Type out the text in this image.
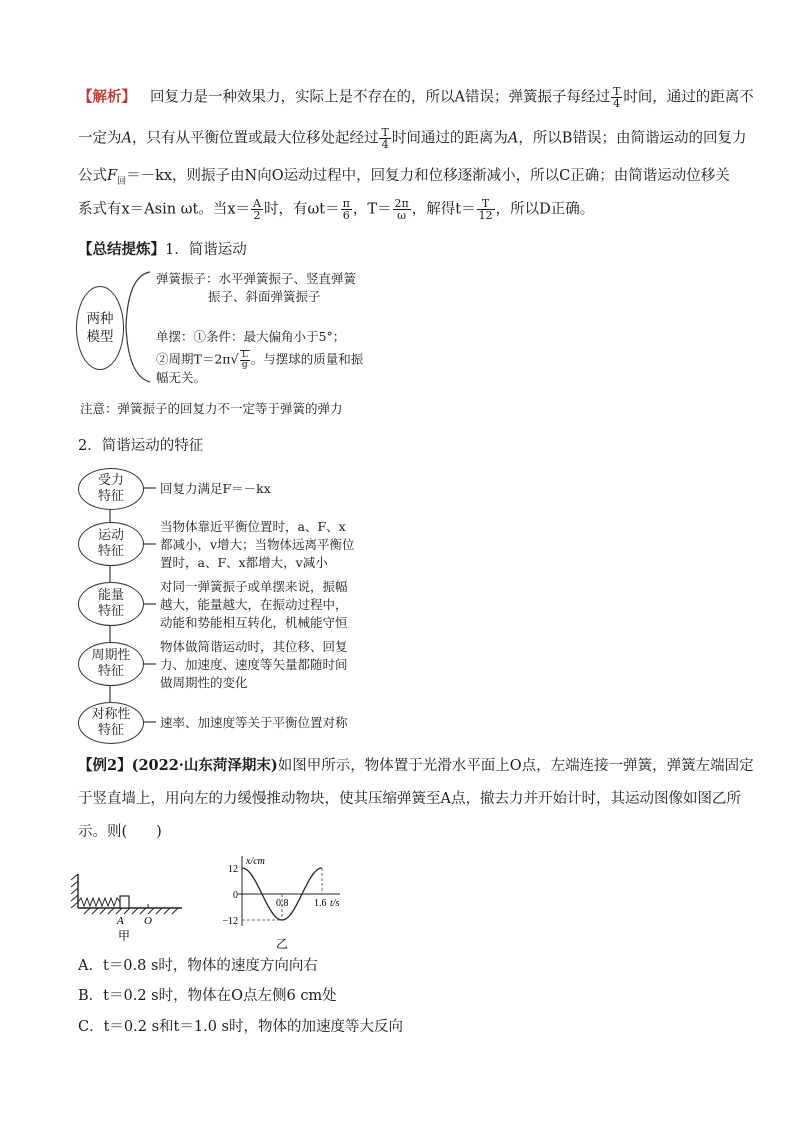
【解析】 回复力是一种效果力，实际上是不存在的，所以A错误；弹簧振子每经过 $\frac{T}{4}$ 时间，通过的距离不
一定为A，只有从平衡位置或最大位移处起经过 $\frac{T}{4}$ 时间通过的距离为A，所以B错误；由简谐运动的回复力
公式$F_回=-kx$，则振子由N向O运动过程中，回复力和位移逐渐减小，所以C正确；由简谐运动位移关
系式有x＝Asin ωt。当$x= \frac{A}{2}$ 时，有$\omega t= \frac{\pi}{6}$ ，$T= \frac{2\pi}{\omega}$ ，解得$t= \frac{T}{12}$ ，所以D正确。
【总结提炼】1．简谐运动
两种模型
弹簧振子：水平弹簧振子、竖直弹簧
振子、斜面弹簧振子
单摆：①条件：最大偏角小于5°；
②周期$T=2\pi√ \frac{L}{g}$ 。与摆球的质量和振
幅无关。
注意：弹簧振子的回复力不一定等于弹簧的弹力
2．简谐运动的特征
受力特征
回复力满足F＝－kx
运动特征
当物体靠近平衡位置时，a、F、x
都减小，v增大；当物体远离平衡位
置时，a、F、x都增大，v减小
能量特征
对同一弹簧振子或单摆来说，振幅
越大，能量越大，在振动过程中，
动能和势能相互转化，机械能守恒
周期性特征
物体做简谐运动时，其位移、回复
力、加速度、速度等矢量都随时间
做周期性的变化
对称性特征
速率、加速度等关于平衡位置对称
【例2】(2022·山东菏泽期末)如图甲所示，物体置于光滑水平面上O点，左端连接一弹簧，弹簧左端固定
于竖直墙上，用向左的力缓慢推动物块，使其压缩弹簧至A点，撤去力并开始计时，其运动图像如图乙所
示。则(　　)
A O
甲
x/cm
t/s
12
0
−12
0.8	1.6
乙
A．t＝0.8 s时，物体的速度方向向右
B．t＝0.2 s时，物体在O点左侧6 cm处
C．t＝0.2 s和t＝1.0 s时，物体的加速度等大反向
